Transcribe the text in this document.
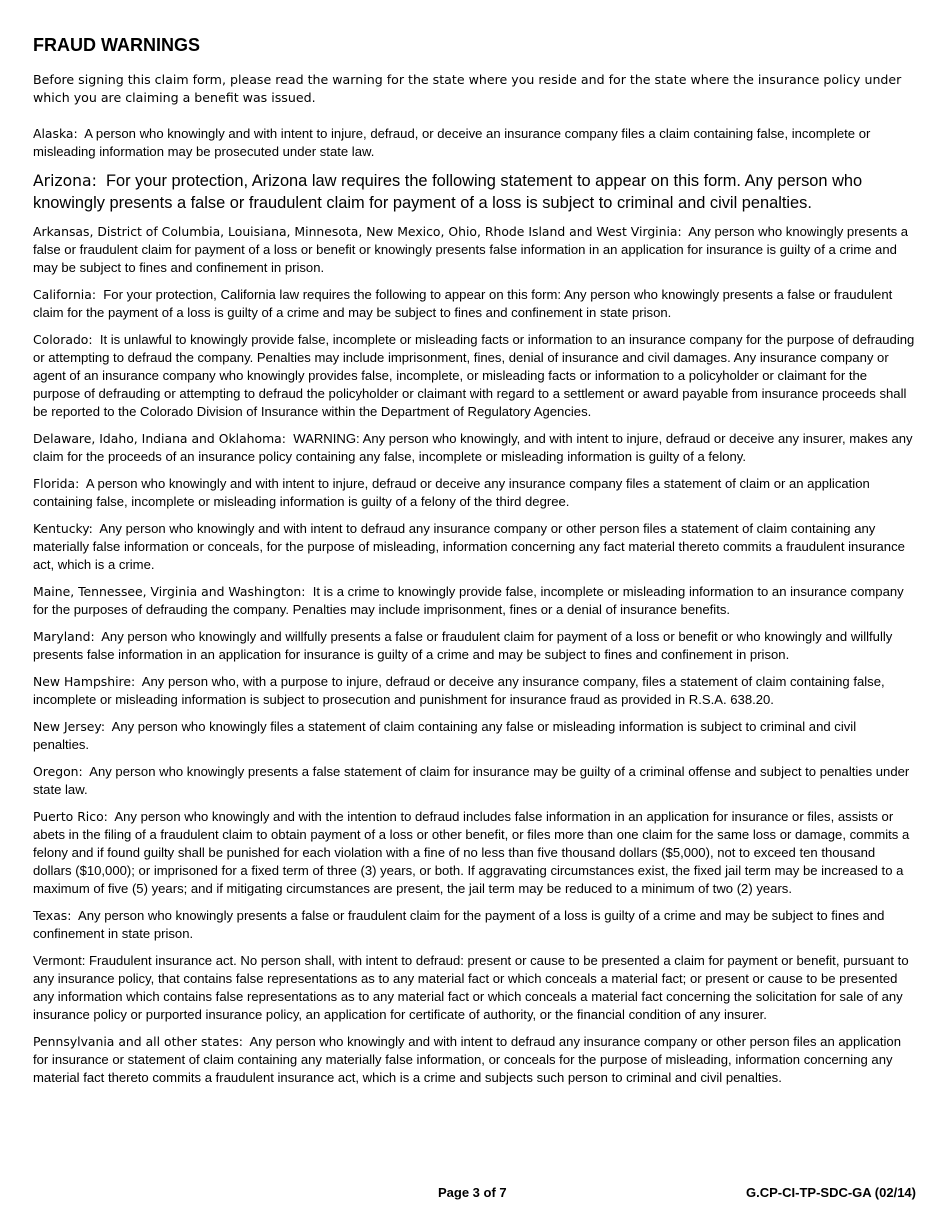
FRAUD WARNINGS

Before signing this claim form, please read the warning for the state where you reside and for the state where the insurance policy under which you are claiming a benefit was issued.

Alaska: A person who knowingly and with intent to injure, defraud, or deceive an insurance company files a claim containing false, incomplete or misleading information may be prosecuted under state law.

Arizona: For your protection, Arizona law requires the following statement to appear on this form. Any person who knowingly presents a false or fraudulent claim for payment of a loss is subject to criminal and civil penalties.

Arkansas, District of Columbia, Louisiana, Minnesota, New Mexico, Ohio, Rhode Island and West Virginia: Any person who knowingly presents a false or fraudulent claim for payment of a loss or benefit or knowingly presents false information in an application for insurance is guilty of a crime and may be subject to fines and confinement in prison.

California: For your protection, California law requires the following to appear on this form: Any person who knowingly presents a false or fraudulent claim for the payment of a loss is guilty of a crime and may be subject to fines and confinement in state prison.

Colorado: It is unlawful to knowingly provide false, incomplete or misleading facts or information to an insurance company for the purpose of defrauding or attempting to defraud the company. Penalties may include imprisonment, fines, denial of insurance and civil damages. Any insurance company or agent of an insurance company who knowingly provides false, incomplete, or misleading facts or information to a policyholder or claimant for the purpose of defrauding or attempting to defraud the policyholder or claimant with regard to a settlement or award payable from insurance proceeds shall be reported to the Colorado Division of Insurance within the Department of Regulatory Agencies.

Delaware, Idaho, Indiana and Oklahoma: WARNING: Any person who knowingly, and with intent to injure, defraud or deceive any insurer, makes any claim for the proceeds of an insurance policy containing any false, incomplete or misleading information is guilty of a felony.

Florida: A person who knowingly and with intent to injure, defraud or deceive any insurance company files a statement of claim or an application containing false, incomplete or misleading information is guilty of a felony of the third degree.

Kentucky: Any person who knowingly and with intent to defraud any insurance company or other person files a statement of claim containing any materially false information or conceals, for the purpose of misleading, information concerning any fact material thereto commits a fraudulent insurance act, which is a crime.

Maine, Tennessee, Virginia and Washington: It is a crime to knowingly provide false, incomplete or misleading information to an insurance company for the purposes of defrauding the company. Penalties may include imprisonment, fines or a denial of insurance benefits.

Maryland: Any person who knowingly and willfully presents a false or fraudulent claim for payment of a loss or benefit or who knowingly and willfully presents false information in an application for insurance is guilty of a crime and may be subject to fines and confinement in prison.

New Hampshire: Any person who, with a purpose to injure, defraud or deceive any insurance company, files a statement of claim containing false, incomplete or misleading information is subject to prosecution and punishment for insurance fraud as provided in R.S.A. 638.20.

New Jersey: Any person who knowingly files a statement of claim containing any false or misleading information is subject to criminal and civil penalties.

Oregon: Any person who knowingly presents a false statement of claim for insurance may be guilty of a criminal offense and subject to penalties under state law.

Puerto Rico: Any person who knowingly and with the intention to defraud includes false information in an application for insurance or files, assists or abets in the filing of a fraudulent claim to obtain payment of a loss or other benefit, or files more than one claim for the same loss or damage, commits a felony and if found guilty shall be punished for each violation with a fine of no less than five thousand dollars ($5,000), not to exceed ten thousand dollars ($10,000); or imprisoned for a fixed term of three (3) years, or both. If aggravating circumstances exist, the fixed jail term may be increased to a maximum of five (5) years; and if mitigating circumstances are present, the jail term may be reduced to a minimum of two (2) years.

Texas: Any person who knowingly presents a false or fraudulent claim for the payment of a loss is guilty of a crime and may be subject to fines and confinement in state prison.

Vermont: Fraudulent insurance act. No person shall, with intent to defraud: present or cause to be presented a claim for payment or benefit, pursuant to any insurance policy, that contains false representations as to any material fact or which conceals a material fact; or present or cause to be presented any information which contains false representations as to any material fact or which conceals a material fact concerning the solicitation for sale of any insurance policy or purported insurance policy, an application for certificate of authority, or the financial condition of any insurer.

Pennsylvania and all other states: Any person who knowingly and with intent to defraud any insurance company or other person files an application for insurance or statement of claim containing any materially false information, or conceals for the purpose of misleading, information concerning any material fact thereto commits a fraudulent insurance act, which is a crime and subjects such person to criminal and civil penalties.

Page 3 of 7	G.CP-CI-TP-SDC-GA (02/14)
